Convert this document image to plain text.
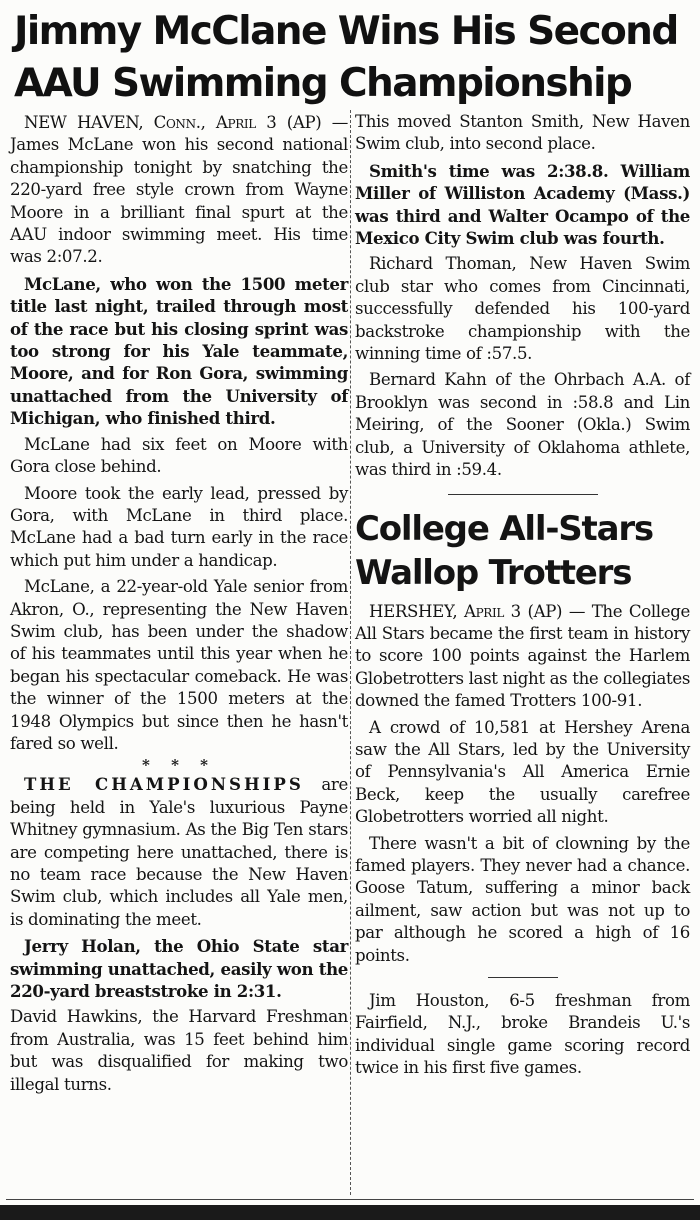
Jimmy McClane Wins His Second
AAU Swimming Championship

NEW HAVEN, Conn., April 3 (AP) — James McLane won his second national championship tonight by snatching the 220-yard free style crown from Wayne Moore in a brilliant final spurt at the AAU indoor swimming meet. His time was 2:07.2.

McLane, who won the 1500 meter title last night, trailed through most of the race but his closing sprint was too strong for his Yale teammate, Moore, and for Ron Gora, swimming unattached from the University of Michigan, who finished third.

McLane had six feet on Moore with Gora close behind.

Moore took the early lead, pressed by Gora, with McLane in third place. McLane had a bad turn early in the race which put him under a handicap.

McLane, a 22-year-old Yale senior from Akron, O., representing the New Haven Swim club, has been under the shadow of his teammates until this year when he began his spectacular comeback. He was the winner of the 1500 meters at the 1948 Olympics but since then he hasn't fared so well.

* * *

THE CHAMPIONSHIPS are being held in Yale's luxurious Payne Whitney gymnasium. As the Big Ten stars are competing here unattached, there is no team race because the New Haven Swim club, which includes all Yale men, is dominating the meet.

Jerry Holan, the Ohio State star swimming unattached, easily won the 220-yard breaststroke in 2:31.

David Hawkins, the Harvard Freshman from Australia, was 15 feet behind him but was disqualified for making two illegal turns.

This moved Stanton Smith, New Haven Swim club, into second place.

Smith's time was 2:38.8. William Miller of Williston Academy (Mass.) was third and Walter Ocampo of the Mexico City Swim club was fourth.

Richard Thoman, New Haven Swim club star who comes from Cincinnati, successfully defended his 100-yard backstroke championship with the winning time of :57.5.

Bernard Kahn of the Ohrbach A.A. of Brooklyn was second in :58.8 and Lin Meiring, of the Sooner (Okla.) Swim club, a University of Oklahoma athlete, was third in :59.4.

College All-Stars
Wallop Trotters

HERSHEY, April 3 (AP) — The College All Stars became the first team in history to score 100 points against the Harlem Globetrotters last night as the collegiates downed the famed Trotters 100-91.

A crowd of 10,581 at Hershey Arena saw the All Stars, led by the University of Pennsylvania's All America Ernie Beck, keep the usually carefree Globetrotters worried all night.

There wasn't a bit of clowning by the famed players. They never had a chance. Goose Tatum, suffering a minor back ailment, saw action but was not up to par although he scored a high of 16 points.

Jim Houston, 6-5 freshman from Fairfield, N.J., broke Brandeis U.'s individual single game scoring record twice in his first five games.
